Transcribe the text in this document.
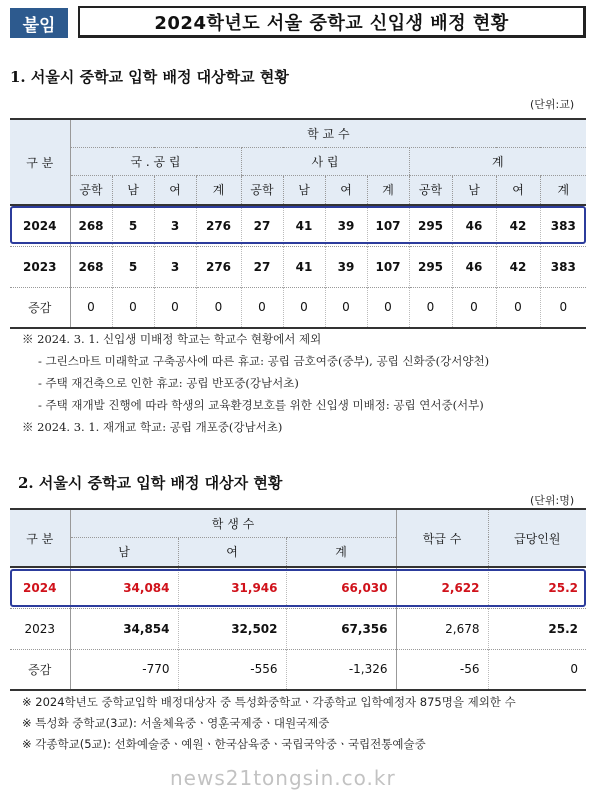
붙임	2024학년도 서울 중학교 신입생 배정 현황
1. 서울시 중학교 입학 배정 대상학교 현황
(단위:교)
구 분	학 교 수											
	국 . 공 립				사 립				계			
	공학	남	여	계	공학	남	여	계	공학	남	여	계
2024	268	5	3	276	27	41	39	107	295	46	42	383
2023	268	5	3	276	27	41	39	107	295	46	42	383
증감	0	0	0	0	0	0	0	0	0	0	0	0
※ 2024. 3. 1. 신입생 미배정 학교는 학교수 현황에서 제외
- 그린스마트 미래학교 구축공사에 따른 휴교: 공립 금호여중(중부), 공립 신화중(강서양천)
- 주택 재건축으로 인한 휴교: 공립 반포중(강남서초)
- 주택 재개발 진행에 따라 학생의 교육환경보호를 위한 신입생 미배정: 공립 연서중(서부)
※ 2024. 3. 1. 재개교 학교: 공립 개포중(강남서초)
2. 서울시 중학교 입학 배정 대상자 현황
(단위:명)
구 분	학 생 수			학급 수	급당인원
	남	여	계		
2024	34,084	31,946	66,030	2,622	25.2
2023	34,854	32,502	67,356	2,678	25.2
증감	-770	-556	-1,326	-56	0
※ 2024학년도 중학교입학 배정대상자 중 특성화중학교ㆍ각종학교 입학예정자 875명을 제외한 수
※ 특성화 중학교(3교): 서울체육중ㆍ영훈국제중ㆍ대원국제중
※ 각종학교(5교): 선화예술중ㆍ예원ㆍ한국삼육중ㆍ국립국악중ㆍ국립전통예술중
news21tongsin.co.kr
